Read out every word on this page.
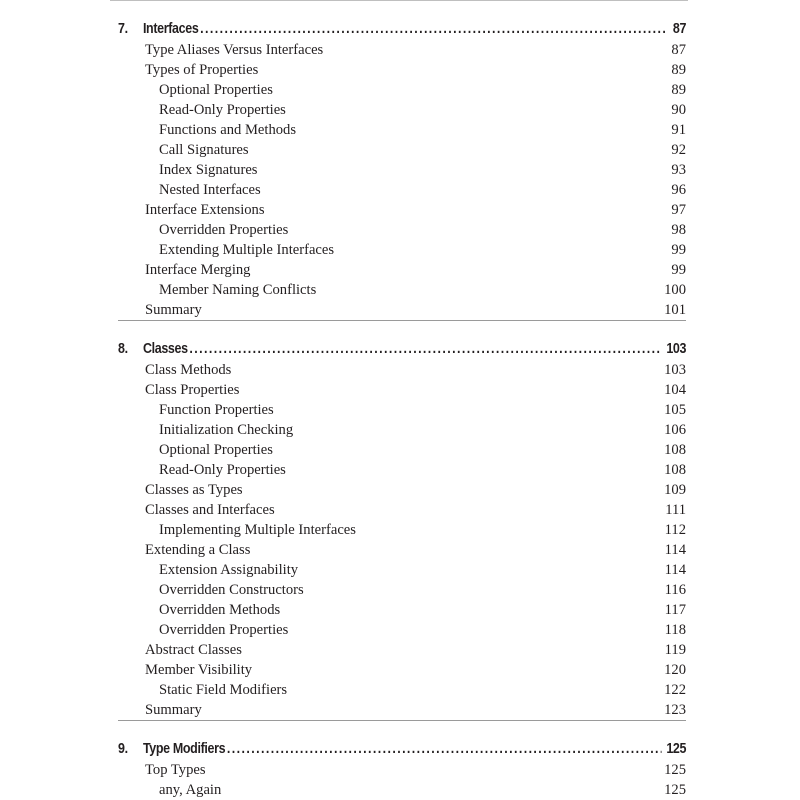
7.	Interfaces . . .	87
Type Aliases Versus Interfaces	87
Types of Properties	89
Optional Properties	89
Read-Only Properties	90
Functions and Methods	91
Call Signatures	92
Index Signatures	93
Nested Interfaces	96
Interface Extensions	97
Overridden Properties	98
Extending Multiple Interfaces	99
Interface Merging	99
Member Naming Conflicts	100
Summary	101
8.	Classes . . .	103
Class Methods	103
Class Properties	104
Function Properties	105
Initialization Checking	106
Optional Properties	108
Read-Only Properties	108
Classes as Types	109
Classes and Interfaces	111
Implementing Multiple Interfaces	112
Extending a Class	114
Extension Assignability	114
Overridden Constructors	116
Overridden Methods	117
Overridden Properties	118
Abstract Classes	119
Member Visibility	120
Static Field Modifiers	122
Summary	123
9.	Type Modifiers . . .	125
Top Types	125
any, Again	125
